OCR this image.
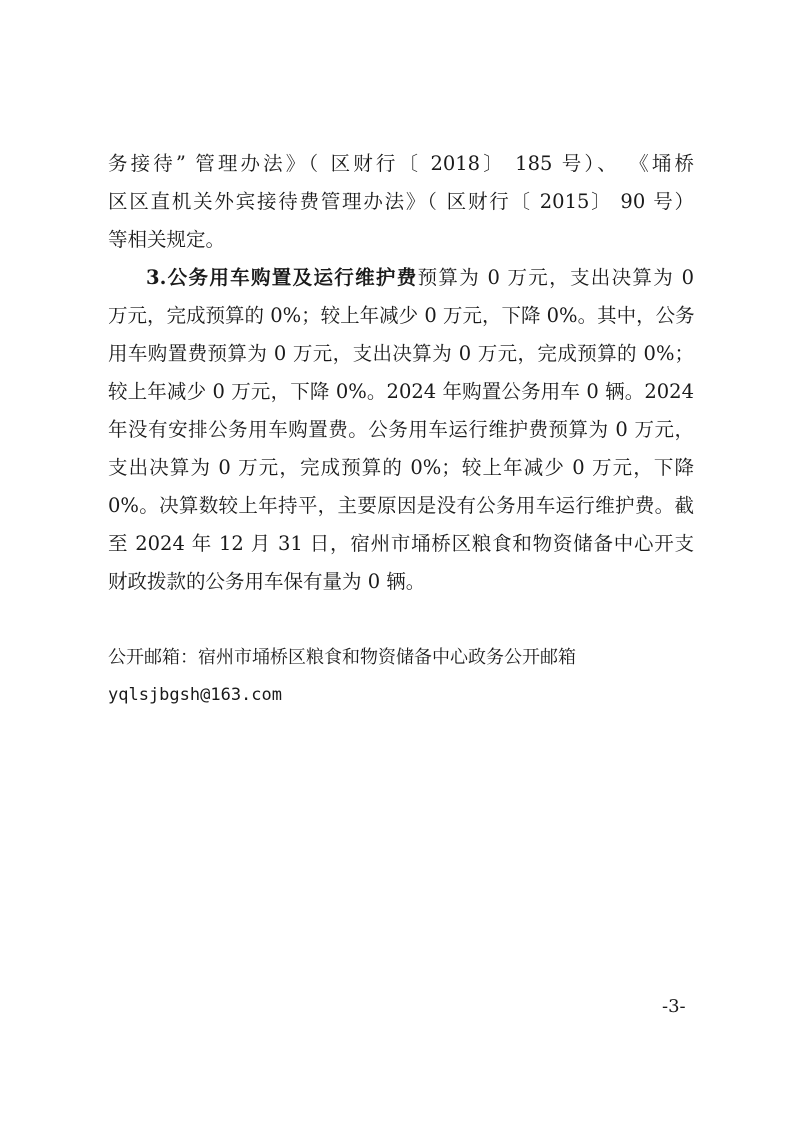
务接待” 管理办法》（ 区财行〔 2018〕 185 号）、 《埇桥
区区直机关外宾接待费管理办法》（ 区财行〔 2015〕 90 号）
等相关规定。
3.公务用车购置及运行维护费预算为 0 万元，支出决算为 0
万元，完成预算的 0%；较上年减少 0 万元，下降 0%。其中，公务
用车购置费预算为 0 万元，支出决算为 0 万元，完成预算的 0%；
较上年减少 0 万元，下降 0%。2024 年购置公务用车 0 辆。2024
年没有安排公务用车购置费。公务用车运行维护费预算为 0 万元，
支出决算为 0 万元，完成预算的 0%；较上年减少 0 万元，下降
0%。决算数较上年持平，主要原因是没有公务用车运行维护费。截
至 2024 年 12 月 31 日，宿州市埇桥区粮食和物资储备中心开支
财政拨款的公务用车保有量为 0 辆。
公开邮箱：宿州市埇桥区粮食和物资储备中心政务公开邮箱
yqlsjbgsh@163.com
-3-
